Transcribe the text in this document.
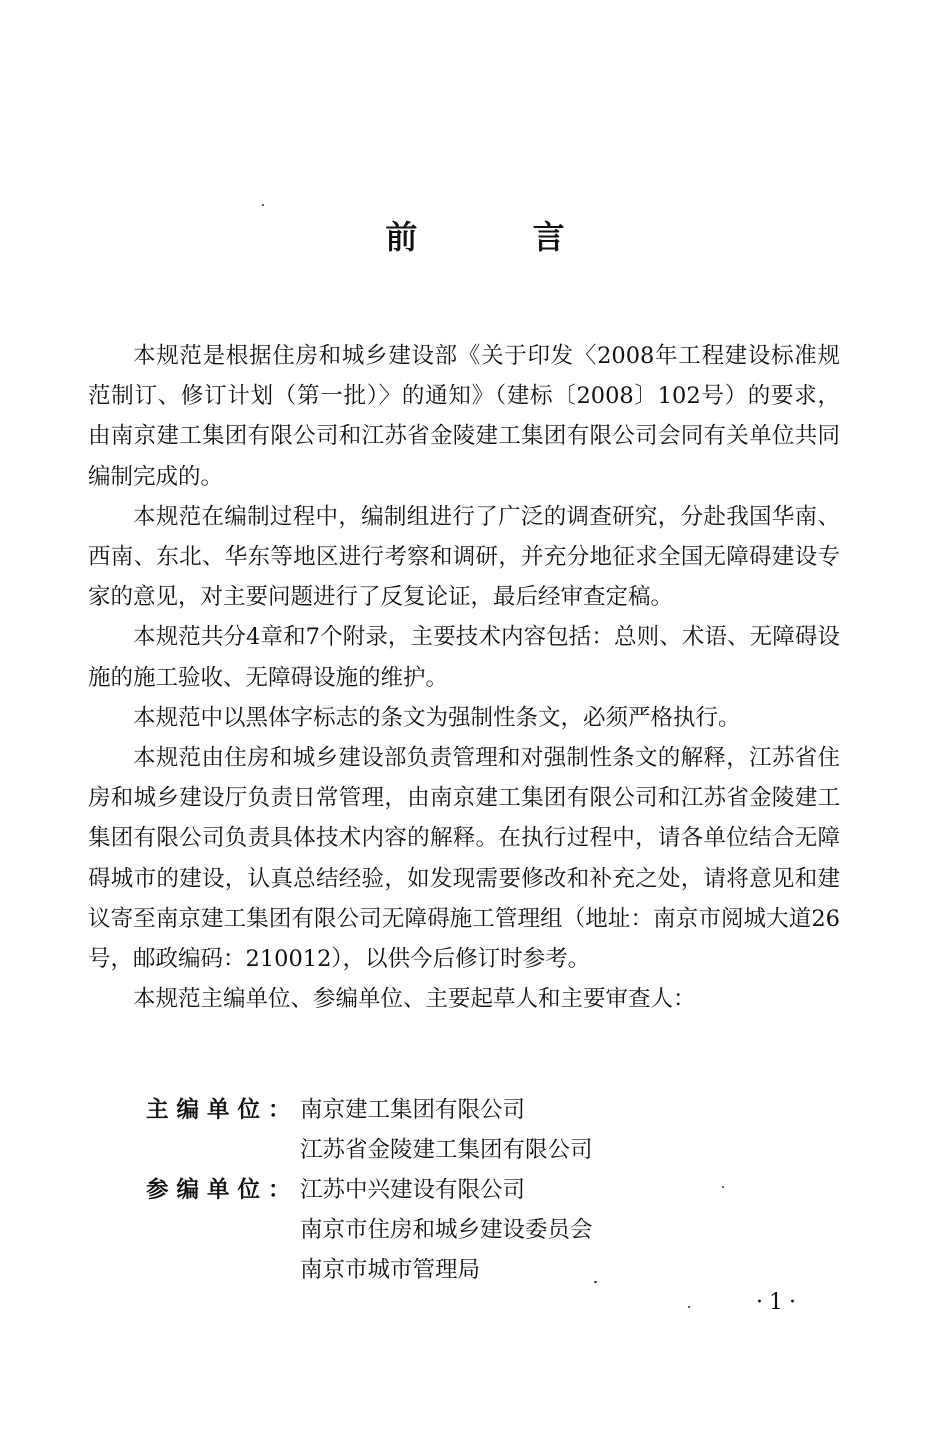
前 言

本规范是根据住房和城乡建设部《关于印发〈2008年工程建设标准规范制订、修订计划（第一批）〉的通知》（建标〔2008〕102号）的要求，由南京建工集团有限公司和江苏省金陵建工集团有限公司会同有关单位共同编制完成的。

本规范在编制过程中，编制组进行了广泛的调查研究，分赴我国华南、西南、东北、华东等地区进行考察和调研，并充分地征求全国无障碍建设专家的意见，对主要问题进行了反复论证，最后经审查定稿。

本规范共分4章和7个附录，主要技术内容包括：总则、术语、无障碍设施的施工验收、无障碍设施的维护。

本规范中以黑体字标志的条文为强制性条文，必须严格执行。

本规范由住房和城乡建设部负责管理和对强制性条文的解释，江苏省住房和城乡建设厅负责日常管理，由南京建工集团有限公司和江苏省金陵建工集团有限公司负责具体技术内容的解释。在执行过程中，请各单位结合无障碍城市的建设，认真总结经验，如发现需要修改和补充之处，请将意见和建议寄至南京建工集团有限公司无障碍施工管理组（地址：南京市阅城大道26号，邮政编码：210012），以供今后修订时参考。

本规范主编单位、参编单位、主要起草人和主要审查人：

主编单位： 南京建工集团有限公司
江苏省金陵建工集团有限公司
参编单位： 江苏中兴建设有限公司
南京市住房和城乡建设委员会
南京市城市管理局
·1·
